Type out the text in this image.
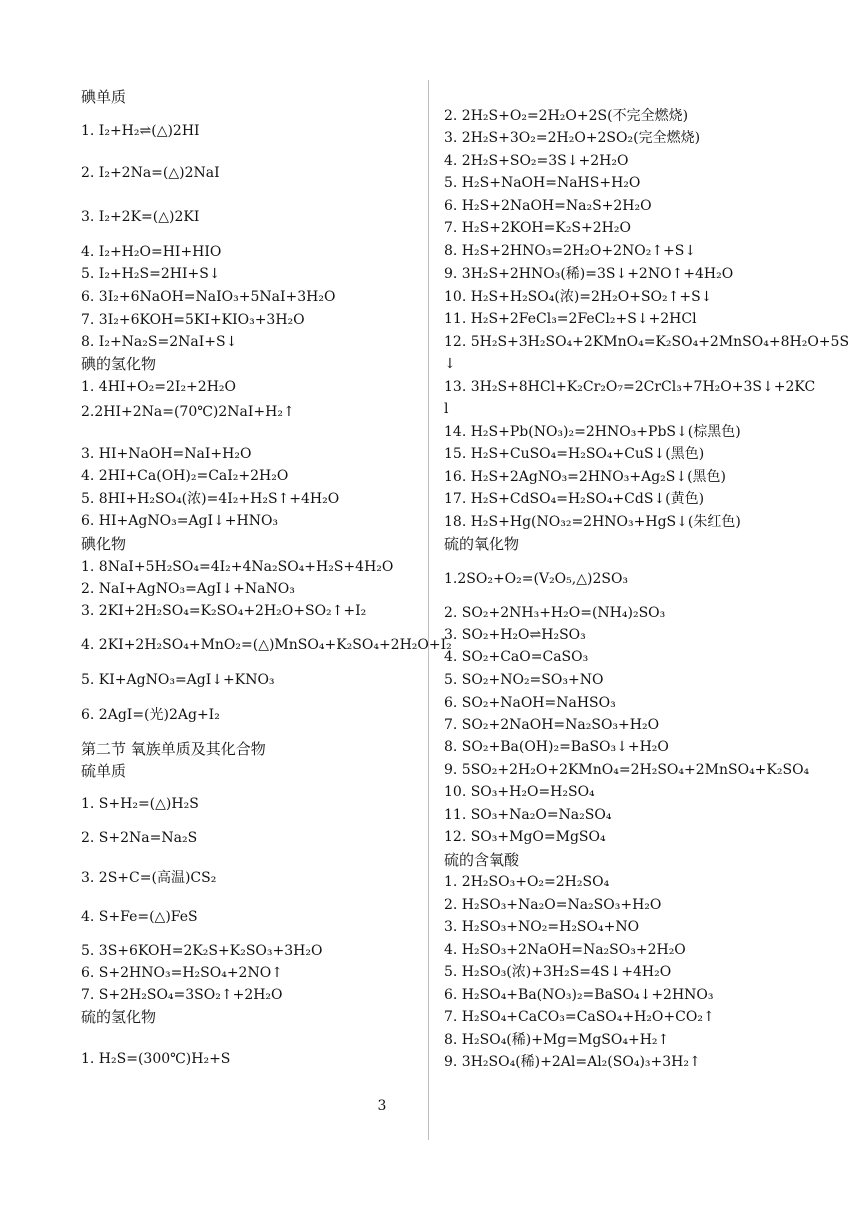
碘单质
1. I₂+H₂⇌(△)2HI
2. I₂+2Na=(△)2NaI
3. I₂+2K=(△)2KI
4. I₂+H₂O=HI+HIO
5. I₂+H₂S=2HI+S↓
6. 3I₂+6NaOH=NaIO₃+5NaI+3H₂O
7. 3I₂+6KOH=5KI+KIO₃+3H₂O
8. I₂+Na₂S=2NaI+S↓
碘的氢化物
1. 4HI+O₂=2I₂+2H₂O
2.2HI+2Na=(70℃)2NaI+H₂↑
3. HI+NaOH=NaI+H₂O
4. 2HI+Ca(OH)₂=CaI₂+2H₂O
5. 8HI+H₂SO₄(浓)=4I₂+H₂S↑+4H₂O
6. HI+AgNO₃=AgI↓+HNO₃
碘化物
1. 8NaI+5H₂SO₄=4I₂+4Na₂SO₄+H₂S+4H₂O
2. NaI+AgNO₃=AgI↓+NaNO₃
3. 2KI+2H₂SO₄=K₂SO₄+2H₂O+SO₂↑+I₂
4. 2KI+2H₂SO₄+MnO₂=(△)MnSO₄+K₂SO₄+2H₂O+I₂
5. KI+AgNO₃=AgI↓+KNO₃
6. 2AgI=(光)2Ag+I₂
第二节 氧族单质及其化合物
硫单质
1. S+H₂=(△)H₂S
2. S+2Na=Na₂S
3. 2S+C=(高温)CS₂
4. S+Fe=(△)FeS
5. 3S+6KOH=2K₂S+K₂SO₃+3H₂O
6. S+2HNO₃=H₂SO₄+2NO↑
7. S+2H₂SO₄=3SO₂↑+2H₂O
硫的氢化物
1. H₂S=(300℃)H₂+S
2. 2H₂S+O₂=2H₂O+2S(不完全燃烧)
3. 2H₂S+3O₂=2H₂O+2SO₂(完全燃烧)
4. 2H₂S+SO₂=3S↓+2H₂O
5. H₂S+NaOH=NaHS+H₂O
6. H₂S+2NaOH=Na₂S+2H₂O
7. H₂S+2KOH=K₂S+2H₂O
8. H₂S+2HNO₃=2H₂O+2NO₂↑+S↓
9. 3H₂S+2HNO₃(稀)=3S↓+2NO↑+4H₂O
10. H₂S+H₂SO₄(浓)=2H₂O+SO₂↑+S↓
11. H₂S+2FeCl₃=2FeCl₂+S↓+2HCl
12. 5H₂S+3H₂SO₄+2KMnO₄=K₂SO₄+2MnSO₄+8H₂O+5S
↓
13. 3H₂S+8HCl+K₂Cr₂O₇=2CrCl₃+7H₂O+3S↓+2KC
l
14. H₂S+Pb(NO₃)₂=2HNO₃+PbS↓(棕黑色)
15. H₂S+CuSO₄=H₂SO₄+CuS↓(黑色)
16. H₂S+2AgNO₃=2HNO₃+Ag₂S↓(黑色)
17. H₂S+CdSO₄=H₂SO₄+CdS↓(黄色)
18. H₂S+Hg(NO₃₂=2HNO₃+HgS↓(朱红色)
硫的氧化物
1.2SO₂+O₂=(V₂O₅,△)2SO₃
2. SO₂+2NH₃+H₂O=(NH₄)₂SO₃
3. SO₂+H₂O⇌H₂SO₃
4. SO₂+CaO=CaSO₃
5. SO₂+NO₂=SO₃+NO
6. SO₂+NaOH=NaHSO₃
7. SO₂+2NaOH=Na₂SO₃+H₂O
8. SO₂+Ba(OH)₂=BaSO₃↓+H₂O
9. 5SO₂+2H₂O+2KMnO₄=2H₂SO₄+2MnSO₄+K₂SO₄
10. SO₃+H₂O=H₂SO₄
11. SO₃+Na₂O=Na₂SO₄
12. SO₃+MgO=MgSO₄
硫的含氧酸
1. 2H₂SO₃+O₂=2H₂SO₄
2. H₂SO₃+Na₂O=Na₂SO₃+H₂O
3. H₂SO₃+NO₂=H₂SO₄+NO
4. H₂SO₃+2NaOH=Na₂SO₃+2H₂O
5. H₂SO₃(浓)+3H₂S=4S↓+4H₂O
6. H₂SO₄+Ba(NO₃)₂=BaSO₄↓+2HNO₃
7. H₂SO₄+CaCO₃=CaSO₄+H₂O+CO₂↑
8. H₂SO₄(稀)+Mg=MgSO₄+H₂↑
9. 3H₂SO₄(稀)+2Al=Al₂(SO₄)₃+3H₂↑
3
